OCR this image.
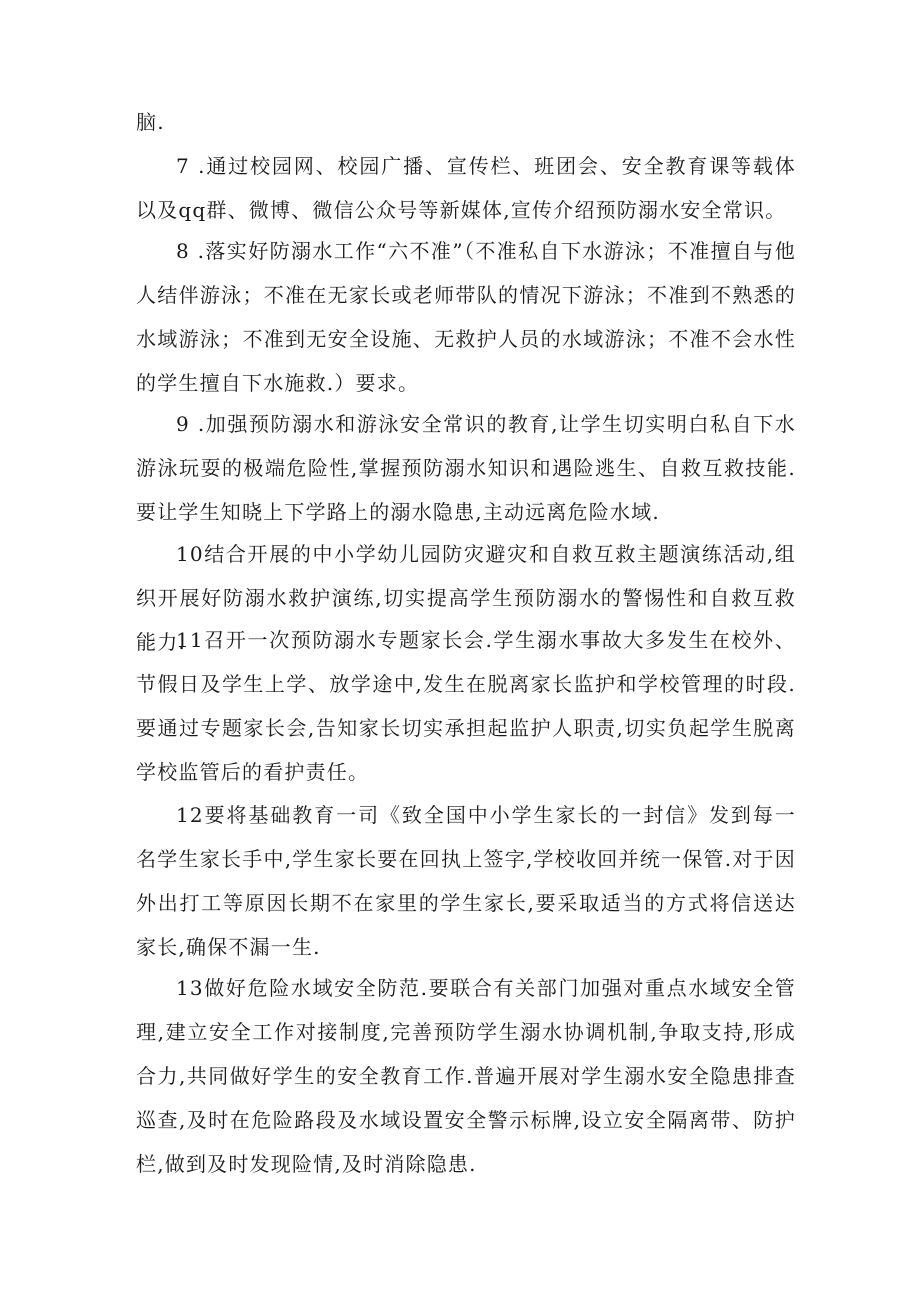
脑.

7 .通过校园网、校园广播、宣传栏、班团会、安全教育课等载体以及qq群、微博、微信公众号等新媒体,宣传介绍预防溺水安全常识。

8 .落实好防溺水工作“六不准”（不准私自下水游泳；不准擅自与他人结伴游泳；不准在无家长或老师带队的情况下游泳；不准到不熟悉的水域游泳；不准到无安全设施、无救护人员的水域游泳；不准不会水性的学生擅自下水施救.）要求。

9 .加强预防溺水和游泳安全常识的教育,让学生切实明白私自下水游泳玩耍的极端危险性,掌握预防溺水知识和遇险逃生、自救互救技能.要让学生知晓上下学路上的溺水隐患,主动远离危险水域.

10结合开展的中小学幼儿园防灾避灾和自救互救主题演练活动,组织开展好防溺水救护演练,切实提高学生预防溺水的警惕性和自救互救能力.

11召开一次预防溺水专题家长会.学生溺水事故大多发生在校外、节假日及学生上学、放学途中,发生在脱离家长监护和学校管理的时段.要通过专题家长会,告知家长切实承担起监护人职责,切实负起学生脱离学校监管后的看护责任。

12要将基础教育一司《致全国中小学生家长的一封信》发到每一名学生家长手中,学生家长要在回执上签字,学校收回并统一保管.对于因外出打工等原因长期不在家里的学生家长,要采取适当的方式将信送达家长,确保不漏一生.

13做好危险水域安全防范.要联合有关部门加强对重点水域安全管理,建立安全工作对接制度,完善预防学生溺水协调机制,争取支持,形成合力,共同做好学生的安全教育工作.普遍开展对学生溺水安全隐患排查巡查,及时在危险路段及水域设置安全警示标牌,设立安全隔离带、防护栏,做到及时发现险情,及时消除隐患.
